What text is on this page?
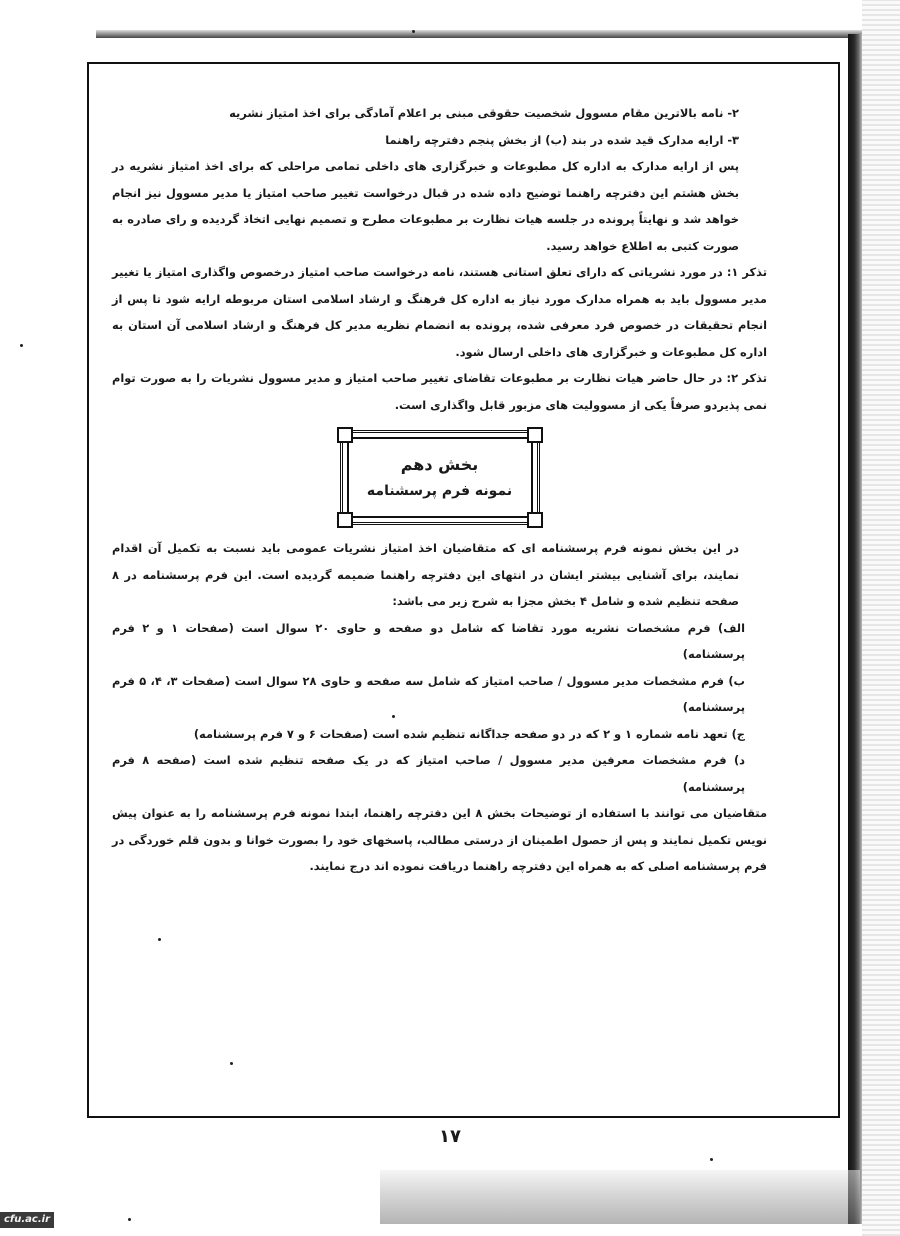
۲- نامه بالاترین مقام مسوول شخصیت حقوقی مبنی بر اعلام آمادگی برای اخذ امتیاز نشریه

۳- ارایه مدارک قید شده در بند (ب) از بخش پنجم دفترچه راهنما

پس از ارایه مدارک به اداره کل مطبوعات و خبرگزاری های داخلی تمامی مراحلی که برای اخذ امتیاز نشریه در بخش هشتم این دفترچه راهنما توضیح داده شده در قبال درخواست تغییر صاحب امتیاز یا مدیر مسوول نیز انجام خواهد شد و نهایتاً پرونده در جلسه هیات نظارت بر مطبوعات مطرح و تصمیم نهایی اتخاذ گردیده و رای صادره به صورت کتبی به اطلاع خواهد رسید.

تذکر ۱: در مورد نشریاتی که دارای تعلق استانی هستند، نامه درخواست صاحب امتیاز درخصوص واگذاری امتیاز یا تغییر مدیر مسوول باید به همراه مدارک مورد نیاز به اداره کل فرهنگ و ارشاد اسلامی استان مربوطه ارایه شود تا پس از انجام تحقیقات در خصوص فرد معرفی شده، پرونده به انضمام نظریه مدیر کل فرهنگ و ارشاد اسلامی آن استان به اداره کل مطبوعات و خبرگزاری های داخلی ارسال شود.

تذکر ۲: در حال حاضر هیات نظارت بر مطبوعات تقاضای تغییر صاحب امتیاز و مدیر مسوول نشریات را به صورت توام نمی پذیردو صرفاً یکی از مسوولیت های مزبور قابل واگذاری است.

بخش دهم
نمونه فرم پرسشنامه

در این بخش نمونه فرم پرسشنامه ای که متقاضیان اخذ امتیاز نشریات عمومی باید نسبت به تکمیل آن اقدام نمایند، برای آشنایی بیشتر ایشان در انتهای این دفترچه راهنما ضمیمه گردیده است. این فرم پرسشنامه در ۸ صفحه تنظیم شده و شامل ۴ بخش مجزا به شرح زیر می باشد:

الف) فرم مشخصات نشریه مورد تقاضا که شامل دو صفحه و حاوی ۲۰ سوال است (صفحات ۱ و ۲ فرم پرسشنامه)

ب) فرم مشخصات مدیر مسوول / صاحب امتیاز که شامل سه صفحه و حاوی ۲۸ سوال است (صفحات ۳، ۴، ۵ فرم پرسشنامه)

ج) تعهد نامه شماره ۱ و ۲ که در دو صفحه جداگانه تنظیم شده است (صفحات ۶ و ۷ فرم پرسشنامه)

د) فرم مشخصات معرفین مدیر مسوول / صاحب امتیاز که در یک صفحه تنظیم شده است (صفحه ۸ فرم پرسشنامه)

متقاضیان می توانند با استفاده از توضیحات بخش ۸ این دفترچه راهنما، ابتدا نمونه فرم پرسشنامه را به عنوان پیش نویس تکمیل نمایند و پس از حصول اطمینان از درستی مطالب، پاسخهای خود را بصورت خوانا و بدون قلم خوردگی در فرم پرسشنامه اصلی که به همراه این دفترچه راهنما دریافت نموده اند درج نمایند.

۱۷
cfu.ac.ir
